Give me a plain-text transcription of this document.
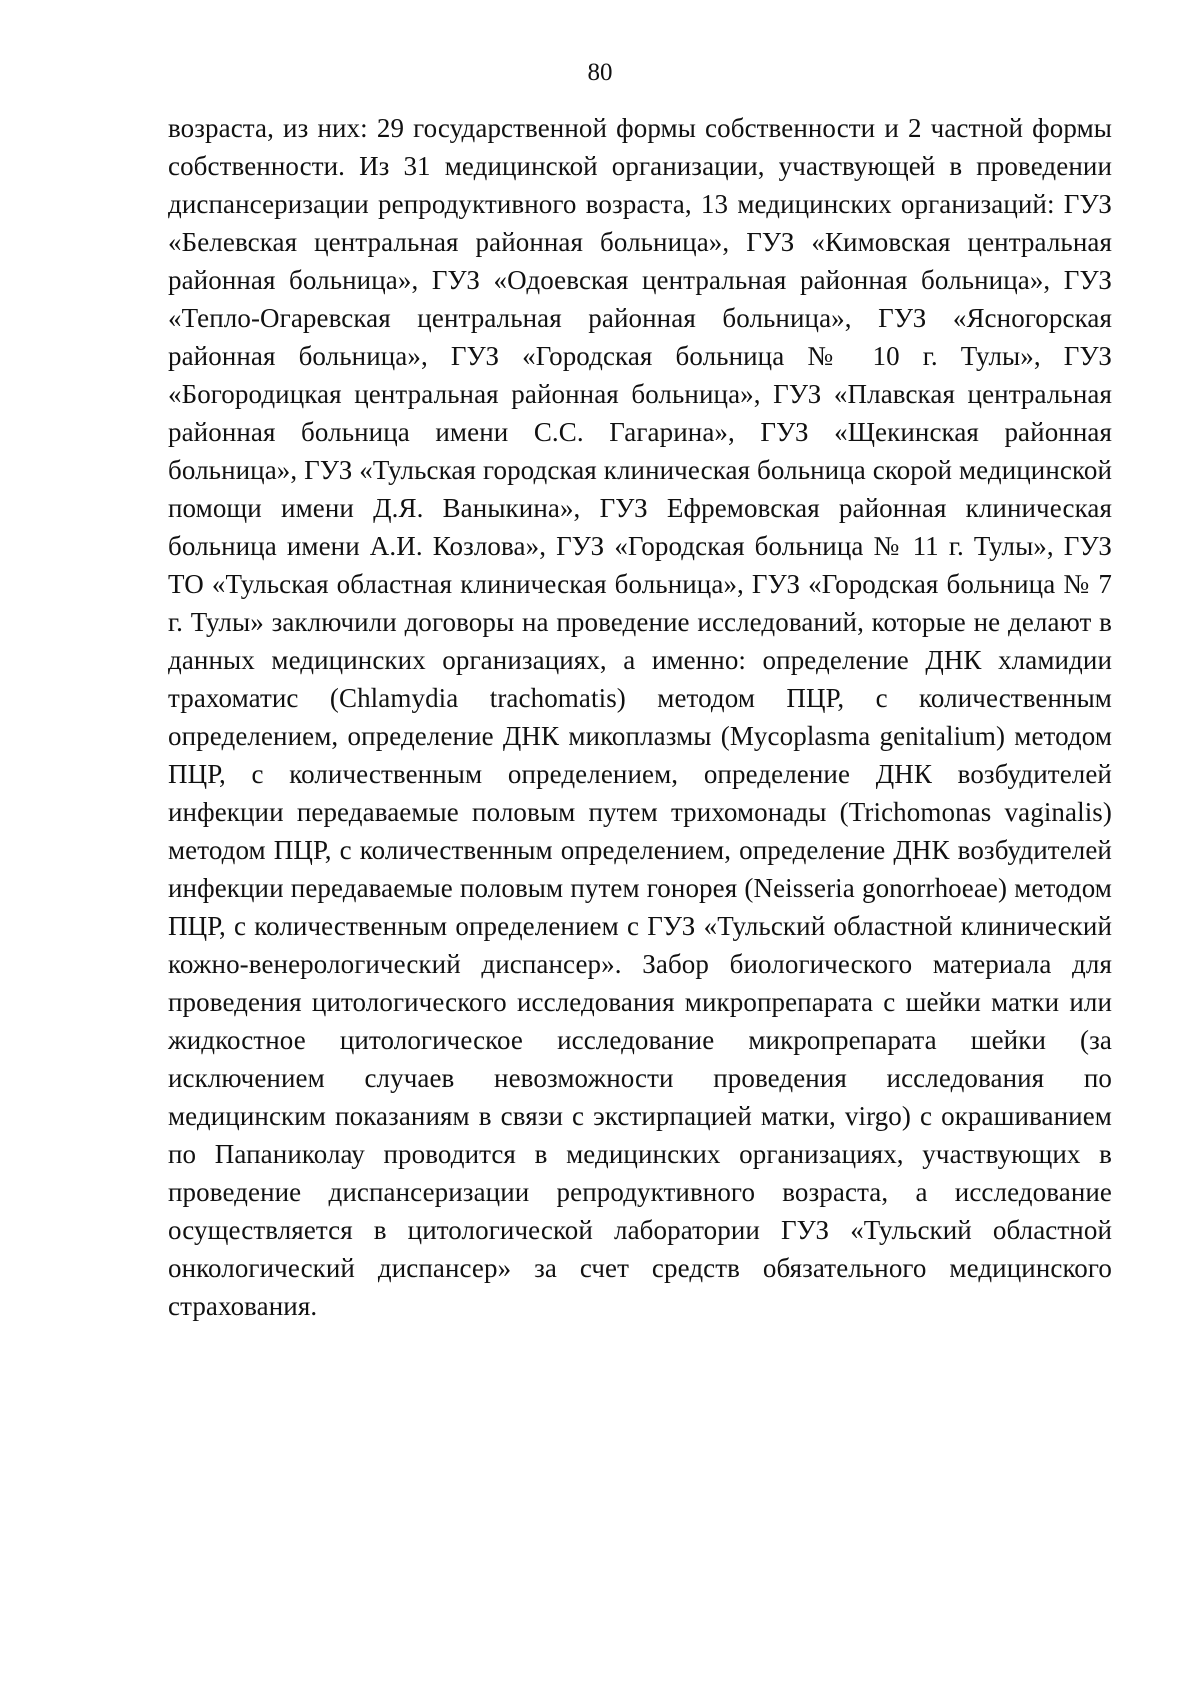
80

возраста, из них: 29 государственной формы собственности и 2 частной формы собственности. Из 31 медицинской организации, участвующей в проведении диспансеризации репродуктивного возраста, 13 медицинских организаций: ГУЗ «Белевская центральная районная больница», ГУЗ «Кимовская центральная районная больница», ГУЗ «Одоевская центральная районная больница», ГУЗ «Тепло-Огаревская центральная районная больница», ГУЗ «Ясногорская районная больница», ГУЗ «Городская больница № 10 г. Тулы», ГУЗ «Богородицкая центральная районная больница», ГУЗ «Плавская центральная районная больница имени С.С. Гагарина», ГУЗ «Щекинская районная больница», ГУЗ «Тульская городская клиническая больница скорой медицинской помощи имени Д.Я. Ваныкина», ГУЗ Ефремовская районная клиническая больница имени А.И. Козлова», ГУЗ «Городская больница № 11 г. Тулы», ГУЗ ТО «Тульская областная клиническая больница», ГУЗ «Городская больница № 7 г. Тулы» заключили договоры на проведение исследований, которые не делают в данных медицинских организациях, а именно: определение ДНК хламидии трахоматис (Chlamydia trachomatis) методом ПЦР, с количественным определением, определение ДНК микоплазмы (Mycoplasma genitalium) методом ПЦР, с количественным определением, определение ДНК возбудителей инфекции передаваемые половым путем трихомонады (Trichomonas vaginalis) методом ПЦР, с количественным определением, определение ДНК возбудителей инфекции передаваемые половым путем гонорея (Neisseria gonorrhoeae) методом ПЦР, с количественным определением с ГУЗ «Тульский областной клинический кожно-венерологический диспансер». Забор биологического материала для проведения цитологического исследования микропрепарата с шейки матки или жидкостное цитологическое исследование микропрепарата шейки (за исключением случаев невозможности проведения исследования по медицинским показаниям в связи с экстирпацией матки, virgo) с окрашиванием по Папаниколау проводится в медицинских организациях, участвующих в проведение диспансеризации репродуктивного возраста, а исследование осуществляется в цитологической лаборатории ГУЗ «Тульский областной онкологический диспансер» за счет средств обязательного медицинского страхования.
